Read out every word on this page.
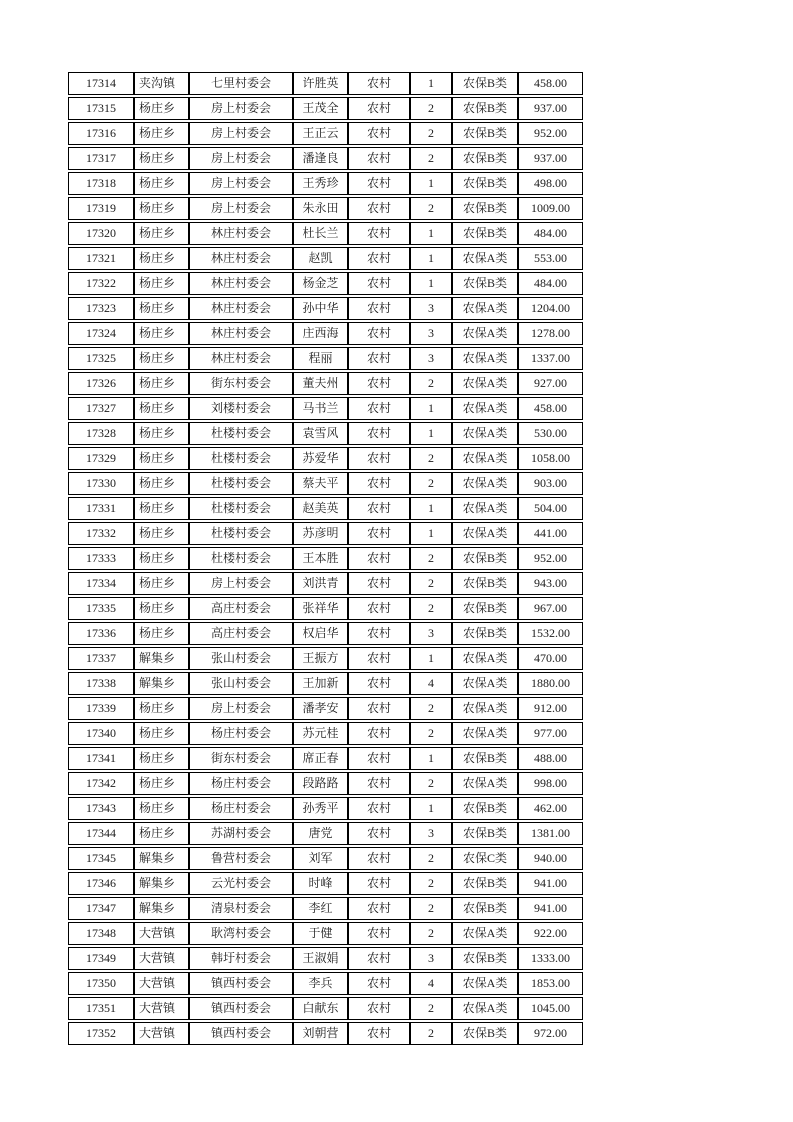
17314	夹沟镇	七里村委会	许胜英	农村	1	农保B类	458.00
17315	杨庄乡	房上村委会	王茂全	农村	2	农保B类	937.00
17316	杨庄乡	房上村委会	王正云	农村	2	农保B类	952.00
17317	杨庄乡	房上村委会	潘逢良	农村	2	农保B类	937.00
17318	杨庄乡	房上村委会	王秀珍	农村	1	农保B类	498.00
17319	杨庄乡	房上村委会	朱永田	农村	2	农保B类	1009.00
17320	杨庄乡	林庄村委会	杜长兰	农村	1	农保B类	484.00
17321	杨庄乡	林庄村委会	赵凯	农村	1	农保A类	553.00
17322	杨庄乡	林庄村委会	杨金芝	农村	1	农保B类	484.00
17323	杨庄乡	林庄村委会	孙中华	农村	3	农保A类	1204.00
17324	杨庄乡	林庄村委会	庄西海	农村	3	农保A类	1278.00
17325	杨庄乡	林庄村委会	程丽	农村	3	农保A类	1337.00
17326	杨庄乡	街东村委会	董夫州	农村	2	农保A类	927.00
17327	杨庄乡	刘楼村委会	马书兰	农村	1	农保A类	458.00
17328	杨庄乡	杜楼村委会	袁雪风	农村	1	农保A类	530.00
17329	杨庄乡	杜楼村委会	苏爱华	农村	2	农保A类	1058.00
17330	杨庄乡	杜楼村委会	蔡夫平	农村	2	农保A类	903.00
17331	杨庄乡	杜楼村委会	赵美英	农村	1	农保A类	504.00
17332	杨庄乡	杜楼村委会	苏彦明	农村	1	农保A类	441.00
17333	杨庄乡	杜楼村委会	王本胜	农村	2	农保B类	952.00
17334	杨庄乡	房上村委会	刘洪青	农村	2	农保B类	943.00
17335	杨庄乡	高庄村委会	张祥华	农村	2	农保B类	967.00
17336	杨庄乡	高庄村委会	权启华	农村	3	农保B类	1532.00
17337	解集乡	张山村委会	王振方	农村	1	农保A类	470.00
17338	解集乡	张山村委会	王加新	农村	4	农保A类	1880.00
17339	杨庄乡	房上村委会	潘孝安	农村	2	农保A类	912.00
17340	杨庄乡	杨庄村委会	苏元桂	农村	2	农保A类	977.00
17341	杨庄乡	街东村委会	席正春	农村	1	农保B类	488.00
17342	杨庄乡	杨庄村委会	段路路	农村	2	农保A类	998.00
17343	杨庄乡	杨庄村委会	孙秀平	农村	1	农保B类	462.00
17344	杨庄乡	苏湖村委会	唐党	农村	3	农保B类	1381.00
17345	解集乡	鲁营村委会	刘军	农村	2	农保C类	940.00
17346	解集乡	云光村委会	时峰	农村	2	农保B类	941.00
17347	解集乡	清泉村委会	李红	农村	2	农保B类	941.00
17348	大营镇	耿湾村委会	于健	农村	2	农保A类	922.00
17349	大营镇	韩圩村委会	王淑娟	农村	3	农保B类	1333.00
17350	大营镇	镇西村委会	李兵	农村	4	农保A类	1853.00
17351	大营镇	镇西村委会	白献东	农村	2	农保A类	1045.00
17352	大营镇	镇西村委会	刘朝营	农村	2	农保B类	972.00
